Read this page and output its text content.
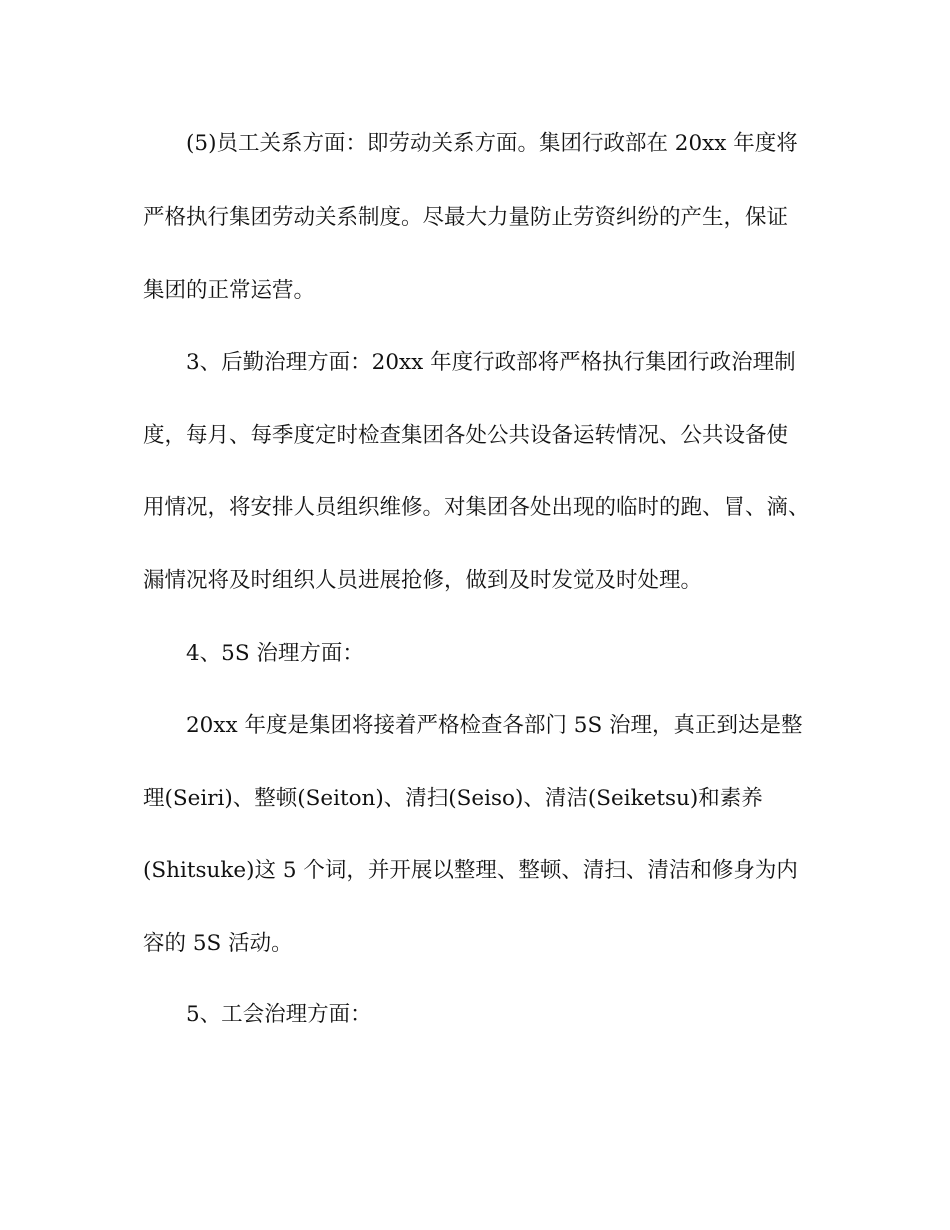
(5)员工关系方面：即劳动关系方面。集团行政部在 20xx 年度将
严格执行集团劳动关系制度。尽最大力量防止劳资纠纷的产生，保证
集团的正常运营。
3、后勤治理方面：20xx 年度行政部将严格执行集团行政治理制
度，每月、每季度定时检查集团各处公共设备运转情况、公共设备使
用情况，将安排人员组织维修。对集团各处出现的临时的跑、冒、滴、
漏情况将及时组织人员进展抢修，做到及时发觉及时处理。
4、5S 治理方面：
20xx 年度是集团将接着严格检查各部门 5S 治理，真正到达是整
理(Seiri)、整顿(Seiton)、清扫(Seiso)、清洁(Seiketsu)和素养
(Shitsuke)这 5 个词，并开展以整理、整顿、清扫、清洁和修身为内
容的 5S 活动。
5、工会治理方面：
